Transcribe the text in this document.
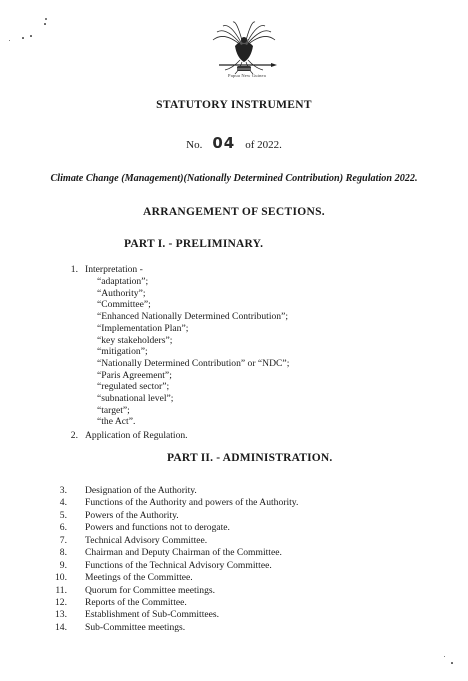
Papua New Guinea
STATUTORY INSTRUMENT
No. 04 of 2022.
Climate Change (Management)(Nationally Determined Contribution) Regulation 2022.
ARRANGEMENT OF SECTIONS.
PART I. - PRELIMINARY.
1. Interpretation -
“adaptation”;
“Authority”;
“Committee”;
“Enhanced Nationally Determined Contribution”;
“Implementation Plan”;
“key stakeholders”;
“mitigation”;
“Nationally Determined Contribution” or “NDC”;
“Paris Agreement”;
“regulated sector”;
“subnational level”;
“target”;
“the Act”.
2. Application of Regulation.
PART II. - ADMINISTRATION.
3. Designation of the Authority.
4. Functions of the Authority and powers of the Authority.
5. Powers of the Authority.
6. Powers and functions not to derogate.
7. Technical Advisory Committee.
8. Chairman and Deputy Chairman of the Committee.
9. Functions of the Technical Advisory Committee.
10. Meetings of the Committee.
11. Quorum for Committee meetings.
12. Reports of the Committee.
13. Establishment of Sub-Committees.
14. Sub-Committee meetings.
